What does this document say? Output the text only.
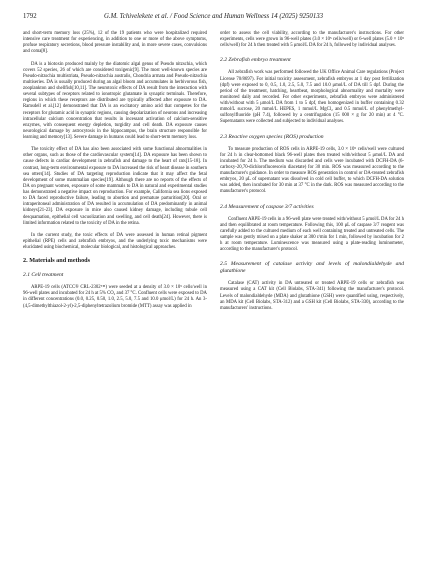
1792	G.M. Tchivelekete et al. / Food Science and Human Wellness 14 (2025) 9250133

and short-term memory loss (25%), 12 of the 19 patients who were hospitalized required intensive care treatment for experiencing, in addition to one or more of the above symptoms, profuse respiratory secretions, blood pressure instability and, in more severe cases, convulsions and coma[8].

DA is a biotoxin produced mainly by the diatomic algal genus of Pseudo nitzschia, which covers 52 species, 26 of which are considered toxigenic[9]. The most well-known species are Pseudo-nitzschia multistriata, Pseudo-nitzschia australis, Chondria armata and Pseudo-nitzschia multiseries. DA is usually produced during an algal bloom and accumulates in herbivorous fish, zooplankton and shellfish[10,11]. The neurotoxic effects of DA result from the interaction with several subtypes of receptors related to ionotropic glutamate in synaptic terminals. Therefore, regions in which these receptors are distributed are typically affected after exposure to DA. Ramsdell et al.[12] demonstrated that DA is an excitatory amino acid that competes for the receptors for glutamic acid in synaptic regions, causing depolarization of neurons and increasing intracellular calcium concentration that results in incessant activation of calcium-sensitive enzymes, with consequent energy depletion, turgidity and cell death. DA exposure causes neurological damage by astrocytosis in the hippocampus, the brain structure responsible for learning and memory[13]. Severe damage in humans could lead to short-term memory loss.

The toxicity effect of DA has also been associated with some functional abnormalities in other organs, such as those of the cardiovascular system[14]. DA exposure has been shown to cause defects in cardiac development in zebrafish and damage to the heart of rats[15-18]. In contrast, long-term environmental exposure to DA increased the risk of heart disease in southern sea otters[14]. Studies of DA targeting reproduction indicate that it may affect the fetal development of some mammalian species[19]. Although there are no reports of the effects of DA on pregnant women, exposure of some mammals to DA in natural and experimental studies has demonstrated a negative impact on reproduction. For example, California sea lions exposed to DA faced reproductive failure, leading to abortion and premature parturition[20]. Oral or intraperitoneal administration of DA resulted in accumulation of DA predominantly in animal kidneys[21-23]. DA exposure in mice also caused kidney damage, including tubule cell desquamation, epithelial cell vacuolization and swelling, and cell death[24]. However, there is limited information related to the toxicity of DA in the retina.

In the current study, the toxic effects of DA were assessed in human retinal pigment epithelial (RPE) cells and zebrafish embryos, and the underlying toxic mechanisms were elucidated using biochemical, molecular biological, and histological approaches.

2. Materials and methods
2.1 Cell treatment

ARPE-19 cells (ATCC® CRL-2302™) were seeded at a density of 3.0 × 10⁵ cells/well in 96-well plates and incubated for 24 h at 5% CO₂ and 37 °C. Confluent cells were exposed to DA in different concentrations (0.0, 0.25, 0.50, 1.0, 2.5, 5.0, 7.5 and 10.0 μmol/L) for 24 h. An 3-(4,5-dimethylthiazol-2-yl)-2,5-diphenyltetrazolium bromide (MTT) assay was applied in

order to assess the cell viability, according to the manufacturer's instructions. For other experiments, cells were grown in 96-well plates (3.0 × 10⁵ cells/well) or 6-well plates (5.0 × 10⁵ cells/well) for 24 h then treated with 5 μmol/L DA for 24 h, followed by individual analyses.

2.2 Zebrafish embryo treatment

All zebrafish work was performed followed the UK Office Animal Care regulations (Project License 70/8697). For initial toxicity assessment, zebrafish embryos at 1 day post fertilization (dpf) were exposed to 0, 0.5, 1.0, 2.5, 5.0, 7.5 and 10.0 μmol/L of DA till 5 dpf. During the period of the treatment, hatching, heartbeat, morphological abnormality and mortality were monitored daily and recorded. For other experiments, zebrafish embryos were administered with/without with 5 μmol/L DA from 1 to 5 dpf, then homogenized in buffer containing 0.32 mmol/L sucrose, 20 mmol/L HEPES, 1 mmol/L MgCl₂ and 0.5 mmol/L of phenylmethyl-sulfonylfluoride (pH 7.4), followed by a centrifugation (15 000 × g for 20 min) at 4 °C. Supernatants were collected and subjected to individual analyses.

2.3 Reactive oxygen species (ROS) production

To measure production of ROS cells in ARPE-19 cells, 3.0 × 10⁵ cells/well were cultured for 24 h in clear-bottomed black 96-well plates then treated with/without 5 μmol/L DA and incubated for 24 h. The medium was discarded and cells were incubated with DCFH-DA (6-carboxy-20,70-dichlorofluorescein diacetate) for 30 min. ROS was measured according to the manufacturer's guidance. In order to measure ROS generation in control or DA-treated zebrafish embryos, 20 μL of supernatant was dissolved in cold cell buffer, to which DCFH-DA solution was added, then incubated for 30 min at 37 °C in the dark. ROS was measured according to the manufacturer's protocol.

2.4 Measurement of caspase 3/7 activities

Confluent ARPE-19 cells in a 96-well plate were treated with/without 5 μmol/L DA for 24 h and then equilibrated at room temperature. Following this, 100 μL of caspase 3/7 reagent was carefully added to the cultured medium of each well containing treated and untreated cells. The sample was gently mixed on a plate shaker at 300 r/min for 1 min, followed by incubation for 2 h at room temperature. Luminescence was measured using a plate-reading luminometer, according to the manufacturer's protocol.

2.5 Measurement of catalase activity and levels of malondialdehyde and glutathione

Catalase (CAT) activity in DA untreated or treated ARPE-19 cells or zebrafish was measured using a CAT kit (Cell Biolabs, STA-341) following the manufacturer's protocol. Levels of malondialdehyde (MDA) and glutathione (GSH) were quantified using, respectively, an MDA kit (Cell Biolabs, STA-312) and a GSH kit (Cell Biolabs, STA-330), according to the manufacturers' instructions.
